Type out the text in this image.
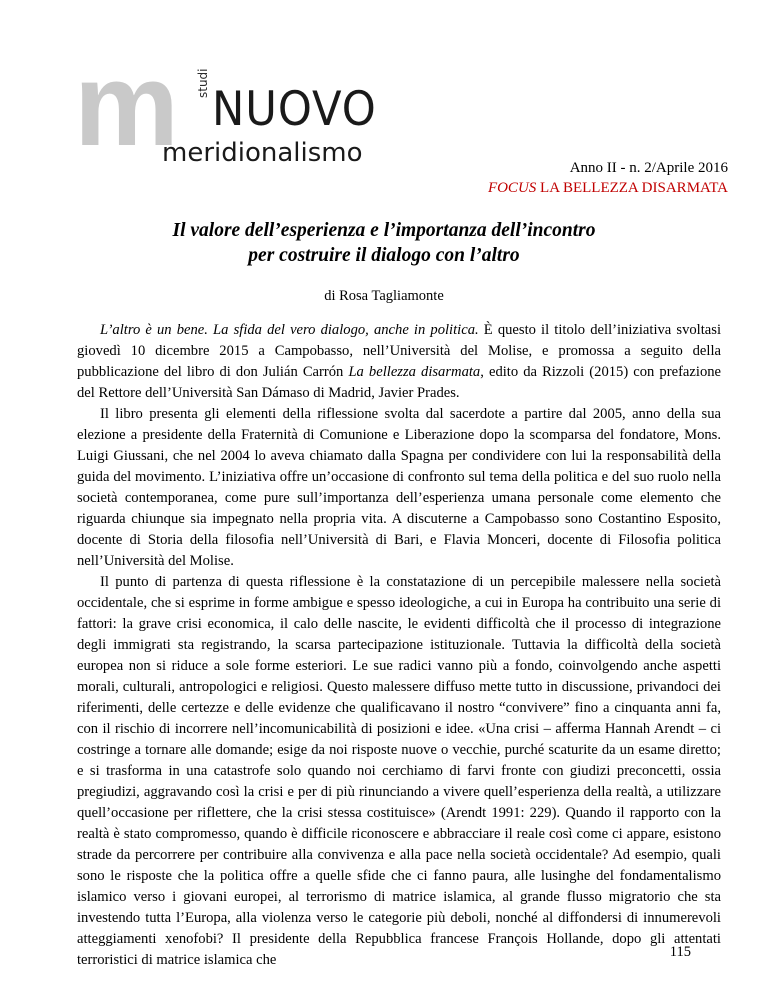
m studi NUOVO
meridionalismo	Anno II - n. 2/Aprile 2016
FOCUS LA BELLEZZA DISARMATA
Il valore dell’esperienza e l’importanza dell’incontro
per costruire il dialogo con l’altro
di Rosa Tagliamonte

L’altro è un bene. La sfida del vero dialogo, anche in politica. È questo il titolo dell’iniziativa svoltasi giovedì 10 dicembre 2015 a Campobasso, nell’Università del Molise, e promossa a seguito della pubblicazione del libro di don Julián Carrón La bellezza disarmata, edito da Rizzoli (2015) con prefazione del Rettore dell’Università San Dámaso di Madrid, Javier Prades.

Il libro presenta gli elementi della riflessione svolta dal sacerdote a partire dal 2005, anno della sua elezione a presidente della Fraternità di Comunione e Liberazione dopo la scomparsa del fondatore, Mons. Luigi Giussani, che nel 2004 lo aveva chiamato dalla Spagna per condividere con lui la responsabilità della guida del movimento. L’iniziativa offre un’occasione di confronto sul tema della politica e del suo ruolo nella società contemporanea, come pure sull’importanza dell’esperienza umana personale come elemento che riguarda chiunque sia impegnato nella propria vita. A discuterne a Campobasso sono Costantino Esposito, docente di Storia della filosofia nell’Università di Bari, e Flavia Monceri, docente di Filosofia politica nell’Università del Molise.

Il punto di partenza di questa riflessione è la constatazione di un percepibile malessere nella società occidentale, che si esprime in forme ambigue e spesso ideologiche, a cui in Europa ha contribuito una serie di fattori: la grave crisi economica, il calo delle nascite, le evidenti difficoltà che il processo di integrazione degli immigrati sta registrando, la scarsa partecipazione istituzionale. Tuttavia la difficoltà della società europea non si riduce a sole forme esteriori. Le sue radici vanno più a fondo, coinvolgendo anche aspetti morali, culturali, antropologici e religiosi. Questo malessere diffuso mette tutto in discussione, privandoci dei riferimenti, delle certezze e delle evidenze che qualificavano il nostro “convivere” fino a cinquanta anni fa, con il rischio di incorrere nell’incomunicabilità di posizioni e idee. «Una crisi – afferma Hannah Arendt – ci costringe a tornare alle domande; esige da noi risposte nuove o vecchie, purché scaturite da un esame diretto; e si trasforma in una catastrofe solo quando noi cerchiamo di farvi fronte con giudizi preconcetti, ossia pregiudizi, aggravando così la crisi e per di più rinunciando a vivere quell’esperienza della realtà, a utilizzare quell’occasione per riflettere, che la crisi stessa costituisce» (Arendt 1991: 229). Quando il rapporto con la realtà è stato compromesso, quando è difficile riconoscere e abbracciare il reale così come ci appare, esistono strade da percorrere per contribuire alla convivenza e alla pace nella società occidentale? Ad esempio, quali sono le risposte che la politica offre a quelle sfide che ci fanno paura, alle lusinghe del fondamentalismo islamico verso i giovani europei, al terrorismo di matrice islamica, al grande flusso migratorio che sta investendo tutta l’Europa, alla violenza verso le categorie più deboli, nonché al diffondersi di innumerevoli atteggiamenti xenofobi? Il presidente della Repubblica francese François Hollande, dopo gli attentati terroristici di matrice islamica che	115
